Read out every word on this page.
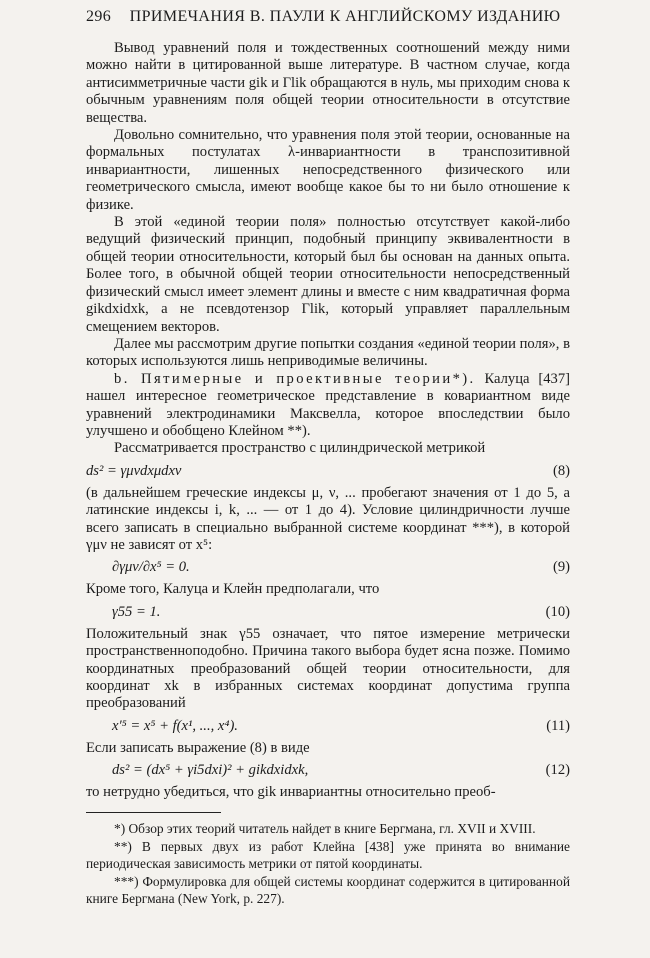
296 ПРИМЕЧАНИЯ В. ПАУЛИ К АНГЛИЙСКОМУ ИЗДАНИЮ

Вывод уравнений поля и тождественных соотношений между ними можно найти в цитированной выше литературе. В частном случае, когда антисимметричные части gik и Γlik обращаются в нуль, мы приходим снова к обычным уравнениям поля общей теории относительности в отсутствие вещества.

Довольно сомнительно, что уравнения поля этой теории, основанные на формальных постулатах λ-инвариантности в транспозитивной инвариантности, лишенных непосредственного физического или геометрического смысла, имеют вообще какое бы то ни было отношение к физике.

В этой «единой теории поля» полностью отсутствует какой-либо ведущий физический принцип, подобный принципу эквивалентности в общей теории относительности, который был бы основан на данных опыта. Более того, в обычной общей теории относительности непосредственный физический смысл имеет элемент длины и вместе с ним квадратичная форма gikdxidxk, а не псевдотензор Γlik, который управляет параллельным смещением векторов.

Далее мы рассмотрим другие попытки создания «единой теории поля», в которых используются лишь неприводимые величины.

b. Пятимерные и проективные теории*). Калуца [437] нашел интересное геометрическое представление в ковариантном виде уравнений электродинамики Максвелла, которое впоследствии было улучшено и обобщено Клейном **).

Рассматривается пространство с цилиндрической метрикой

ds² = γμνdxμdxν	(8)

(в дальнейшем греческие индексы μ, ν, ... пробегают значения от 1 до 5, а латинские индексы i, k, ... — от 1 до 4). Условие цилиндричности лучше всего записать в специально выбранной системе координат ***), в которой γμν не зависят от x⁵:

∂γμν/∂x⁵ = 0.	(9)

Кроме того, Калуца и Клейн предполагали, что

γ55 = 1.	(10)

Положительный знак γ55 означает, что пятое измерение метрически пространственноподобно. Причина такого выбора будет ясна позже. Помимо координатных преобразований общей теории относительности, для координат xk в избранных системах координат допустима группа преобразований

x′⁵ = x⁵ + f(x¹, ..., x⁴).	(11)

Если записать выражение (8) в виде

ds² = (dx⁵ + γi5dxi)² + gikdxidxk,	(12)

то нетрудно убедиться, что gik инвариантны относительно преоб-

*) Обзор этих теорий читатель найдет в книге Бергмана, гл. XVII и XVIII.

**) В первых двух из работ Клейна [438] уже принята во внимание периодическая зависимость метрики от пятой координаты.

***) Формулировка для общей системы координат содержится в цитированной книге Бергмана (New York, p. 227).
